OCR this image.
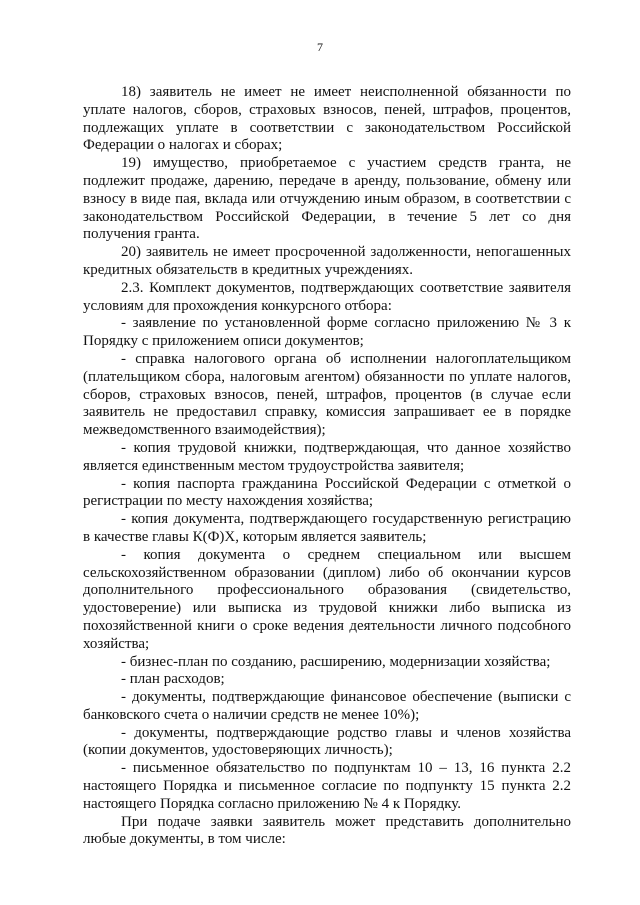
7

18) заявитель не имеет не имеет неисполненной обязанности по уплате налогов, сборов, страховых взносов, пеней, штрафов, процентов, подлежащих уплате в соответствии с законодательством Российской Федерации о налогах и сборах;

19) имущество, приобретаемое с участием средств гранта, не подлежит продаже, дарению, передаче в аренду, пользование, обмену или взносу в виде пая, вклада или отчуждению иным образом, в соответствии с законодательством Российской Федерации, в течение 5 лет со дня получения гранта.

20) заявитель не имеет просроченной задолженности, непогашенных кредитных обязательств в кредитных учреждениях.

2.3. Комплект документов, подтверждающих соответствие заявителя условиям для прохождения конкурсного отбора:

- заявление по установленной форме согласно приложению № 3 к Порядку с приложением описи документов;

- справка налогового органа об исполнении налогоплательщиком (плательщиком сбора, налоговым агентом) обязанности по уплате налогов, сборов, страховых взносов, пеней, штрафов, процентов (в случае если заявитель не предоставил справку, комиссия запрашивает ее в порядке межведомственного взаимодействия);

- копия трудовой книжки, подтверждающая, что данное хозяйство является единственным местом трудоустройства заявителя;

- копия паспорта гражданина Российской Федерации с отметкой о регистрации по месту нахождения хозяйства;

- копия документа, подтверждающего государственную регистрацию в качестве главы К(Ф)Х, которым является заявитель;

- копия документа о среднем специальном или высшем сельскохозяйственном образовании (диплом) либо об окончании курсов дополнительного профессионального образования (свидетельство, удостоверение) или выписка из трудовой книжки либо выписка из похозяйственной книги о сроке ведения деятельности личного подсобного хозяйства;

- бизнес-план по созданию, расширению, модернизации хозяйства;

- план расходов;

- документы, подтверждающие финансовое обеспечение (выписки с банковского счета о наличии средств не менее 10%);

- документы, подтверждающие родство главы и членов хозяйства (копии документов, удостоверяющих личность);

- письменное обязательство по подпунктам 10 – 13, 16 пункта 2.2 настоящего Порядка и письменное согласие по подпункту 15 пункта 2.2 настоящего Порядка согласно приложению № 4 к Порядку.

При подаче заявки заявитель может представить дополнительно любые документы, в том числе:
